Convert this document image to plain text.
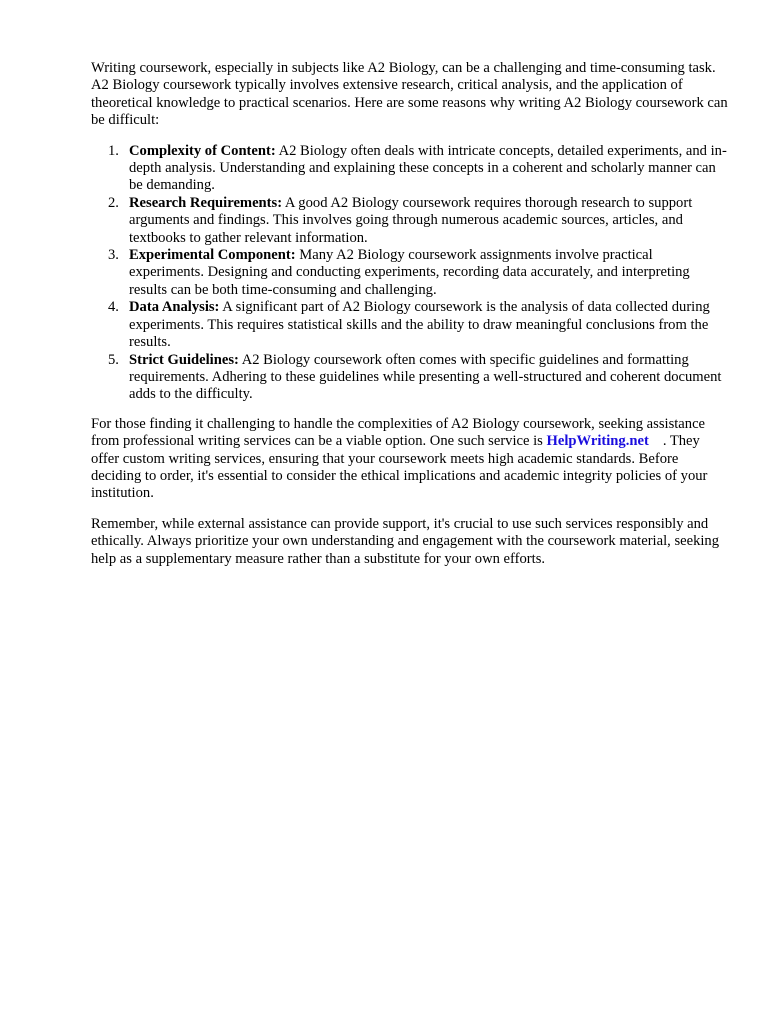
Writing coursework, especially in subjects like A2 Biology, can be a challenging and time-consuming task. A2 Biology coursework typically involves extensive research, critical analysis, and the application of theoretical knowledge to practical scenarios. Here are some reasons why writing A2 Biology coursework can be difficult:

1. Complexity of Content: A2 Biology often deals with intricate concepts, detailed experiments, and in-depth analysis. Understanding and explaining these concepts in a coherent and scholarly manner can be demanding.
2. Research Requirements: A good A2 Biology coursework requires thorough research to support arguments and findings. This involves going through numerous academic sources, articles, and textbooks to gather relevant information.
3. Experimental Component: Many A2 Biology coursework assignments involve practical experiments. Designing and conducting experiments, recording data accurately, and interpreting results can be both time-consuming and challenging.
4. Data Analysis: A significant part of A2 Biology coursework is the analysis of data collected during experiments. This requires statistical skills and the ability to draw meaningful conclusions from the results.
5. Strict Guidelines: A2 Biology coursework often comes with specific guidelines and formatting requirements. Adhering to these guidelines while presenting a well-structured and coherent document adds to the difficulty.

For those finding it challenging to handle the complexities of A2 Biology coursework, seeking assistance from professional writing services can be a viable option. One such service is HelpWriting.net . They offer custom writing services, ensuring that your coursework meets high academic standards. Before deciding to order, it's essential to consider the ethical implications and academic integrity policies of your institution.

Remember, while external assistance can provide support, it's crucial to use such services responsibly and ethically. Always prioritize your own understanding and engagement with the coursework material, seeking help as a supplementary measure rather than a substitute for your own efforts.
